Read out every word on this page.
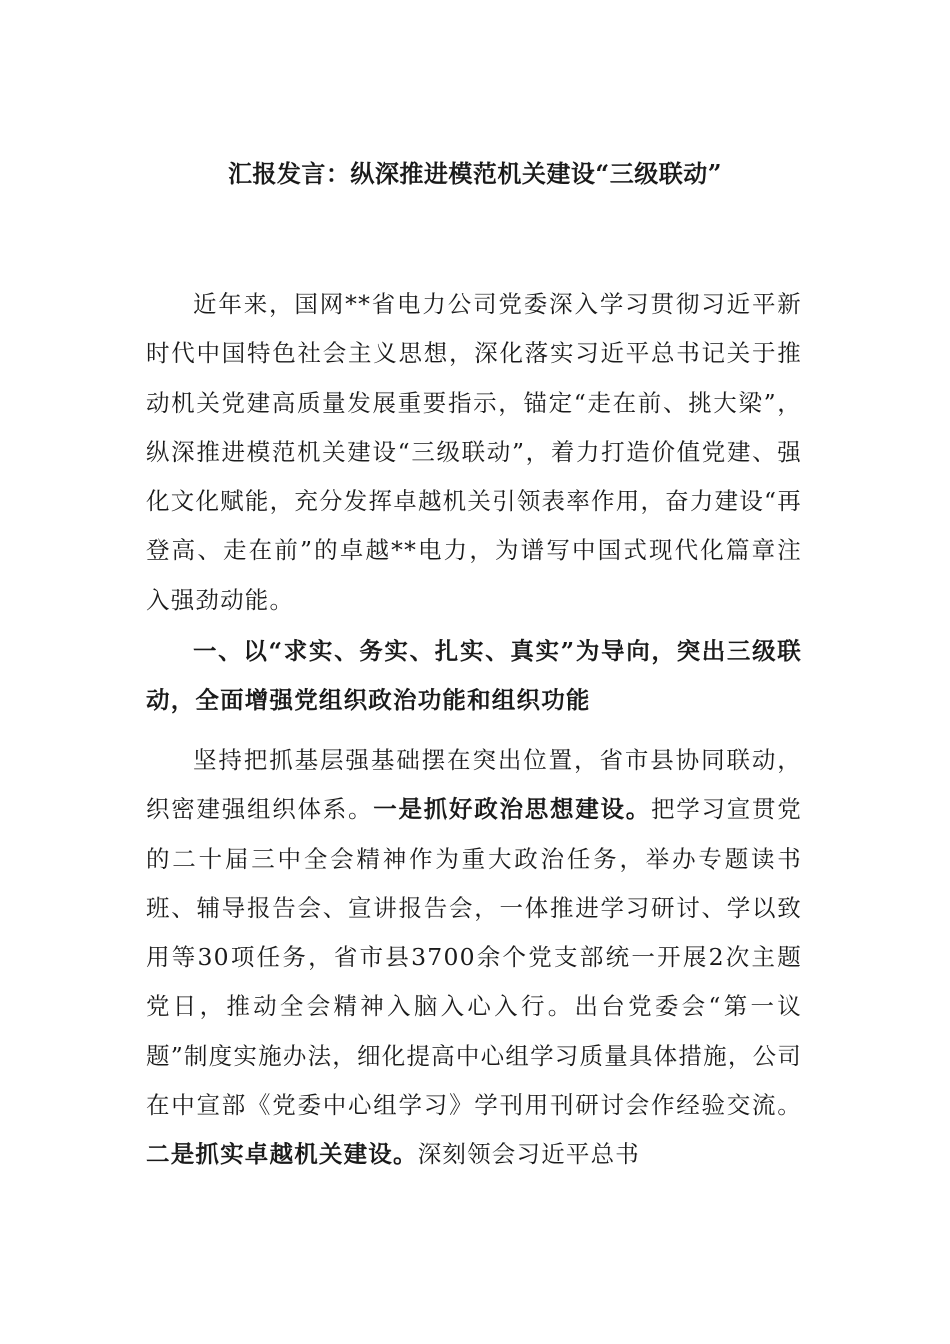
汇报发言：纵深推进模范机关建设“三级联动”

近年来，国网**省电力公司党委深入学习贯彻习近平新时代中国特色社会主义思想，深化落实习近平总书记关于推动机关党建高质量发展重要指示，锚定“走在前、挑大梁”，纵深推进模范机关建设“三级联动”，着力打造价值党建、强化文化赋能，充分发挥卓越机关引领表率作用，奋力建设“再登高、走在前”的卓越**电力，为谱写中国式现代化篇章注入强劲动能。

一、以“求实、务实、扎实、真实”为导向，突出三级联动，全面增强党组织政治功能和组织功能

坚持把抓基层强基础摆在突出位置，省市县协同联动，织密建强组织体系。一是抓好政治思想建设。把学习宣贯党的二十届三中全会精神作为重大政治任务，举办专题读书班、辅导报告会、宣讲报告会，一体推进学习研讨、学以致用等30项任务，省市县3700余个党支部统一开展2次主题党日，推动全会精神入脑入心入行。出台党委会“第一议题”制度实施办法，细化提高中心组学习质量具体措施，公司在中宣部《党委中心组学习》学刊用刊研讨会作经验交流。二是抓实卓越机关建设。深刻领会习近平总书
